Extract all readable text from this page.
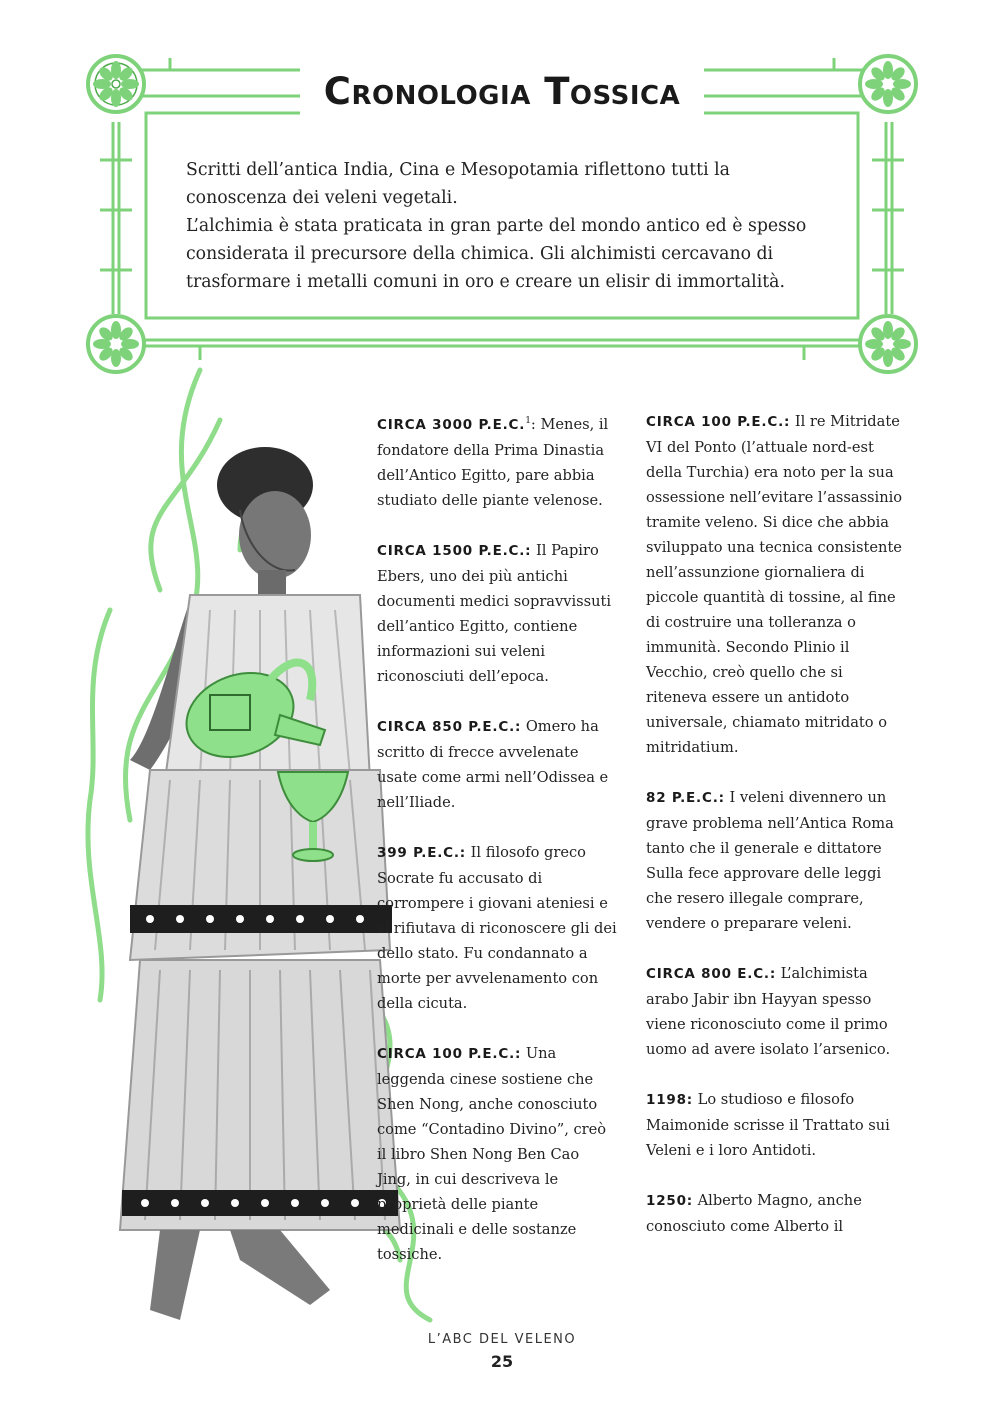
Cronologia Tossica

Scritti dell’antica India, Cina e Mesopotamia riflettono tutti la conoscenza dei veleni vegetali.

L’alchimia è stata praticata in gran parte del mondo antico ed è spesso considerata il precursore della chimica. Gli alchimisti cercavano di trasformare i metalli comuni in oro e creare un elisir di immortalità.

CIRCA 3000 P.E.C.$^1$: Menes, il fondatore della Prima Dinastia dell’Antico Egitto, pare abbia studiato delle piante velenose.

CIRCA 1500 P.E.C.: Il Papiro Ebers, uno dei più antichi documenti medici sopravvissuti dell’antico Egitto, contiene informazioni sui veleni riconosciuti dell’epoca.

CIRCA 850 P.E.C.: Omero ha scritto di frecce avvelenate usate come armi nell’Odissea e nell’Iliade.

399 P.E.C.: Il filosofo greco Socrate fu accusato di corrompere i giovani ateniesi e si rifiutava di riconoscere gli dei dello stato. Fu condannato a morte per avvelenamento con della cicuta.

CIRCA 100 P.E.C.: Una leggenda cinese sostiene che Shen Nong, anche conosciuto come “Contadino Divino”, creò il libro Shen Nong Ben Cao Jing, in cui descriveva le proprietà delle piante medicinali e delle sostanze tossiche.

CIRCA 100 P.E.C.: Il re Mitridate VI del Ponto (l’attuale nord-est della Turchia) era noto per la sua ossessione nell’evitare l’assassinio tramite veleno. Si dice che abbia sviluppato una tecnica consistente nell’assunzione giornaliera di piccole quantità di tossine, al fine di costruire una tolleranza o immunità. Secondo Plinio il Vecchio, creò quello che si riteneva essere un antidoto universale, chiamato mitridato o mitridatium.

82 P.E.C.: I veleni divennero un grave problema nell’Antica Roma tanto che il generale e dittatore Sulla fece approvare delle leggi che resero illegale comprare, vendere o preparare veleni.

CIRCA 800 E.C.: L’alchimista arabo Jabir ibn Hayyan spesso viene riconosciuto come il primo uomo ad avere isolato l’arsenico.

1198: Lo studioso e filosofo Maimonide scrisse il Trattato sui Veleni e i loro Antidoti.

1250: Alberto Magno, anche conosciuto come Alberto il

L’ABC DEL VELENO
25
